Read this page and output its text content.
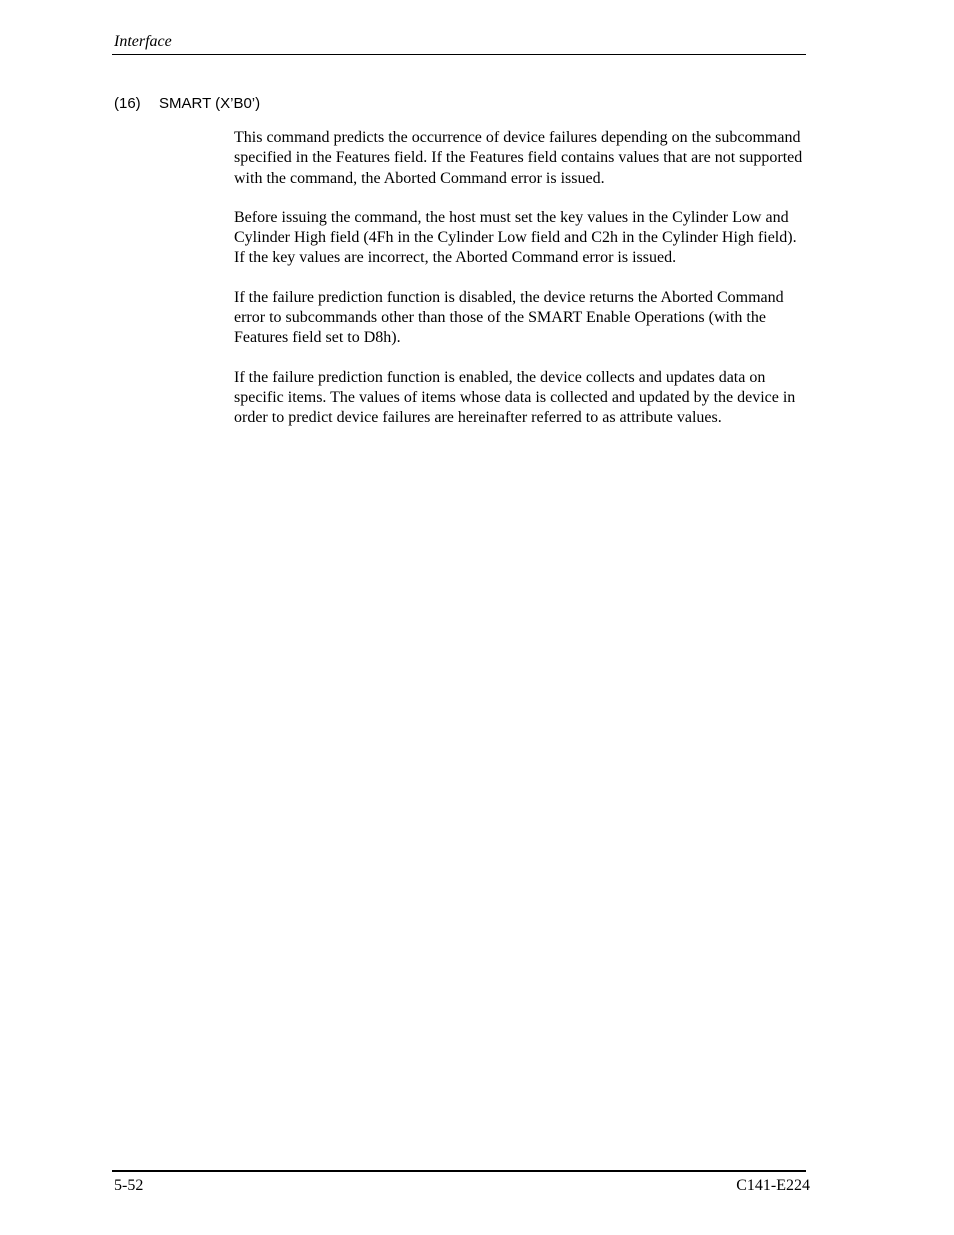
Interface
(16) SMART (X’B0’)

This command predicts the occurrence of device failures depending on the subcommand specified in the Features field. If the Features field contains values that are not supported with the command, the Aborted Command error is issued.

Before issuing the command, the host must set the key values in the Cylinder Low and Cylinder High field (4Fh in the Cylinder Low field and C2h in the Cylinder High field). If the key values are incorrect, the Aborted Command error is issued.

If the failure prediction function is disabled, the device returns the Aborted Command error to subcommands other than those of the SMART Enable Operations (with the Features field set to D8h).

If the failure prediction function is enabled, the device collects and updates data on specific items. The values of items whose data is collected and updated by the device in order to predict device failures are hereinafter referred to as attribute values.

5-52	C141-E224
